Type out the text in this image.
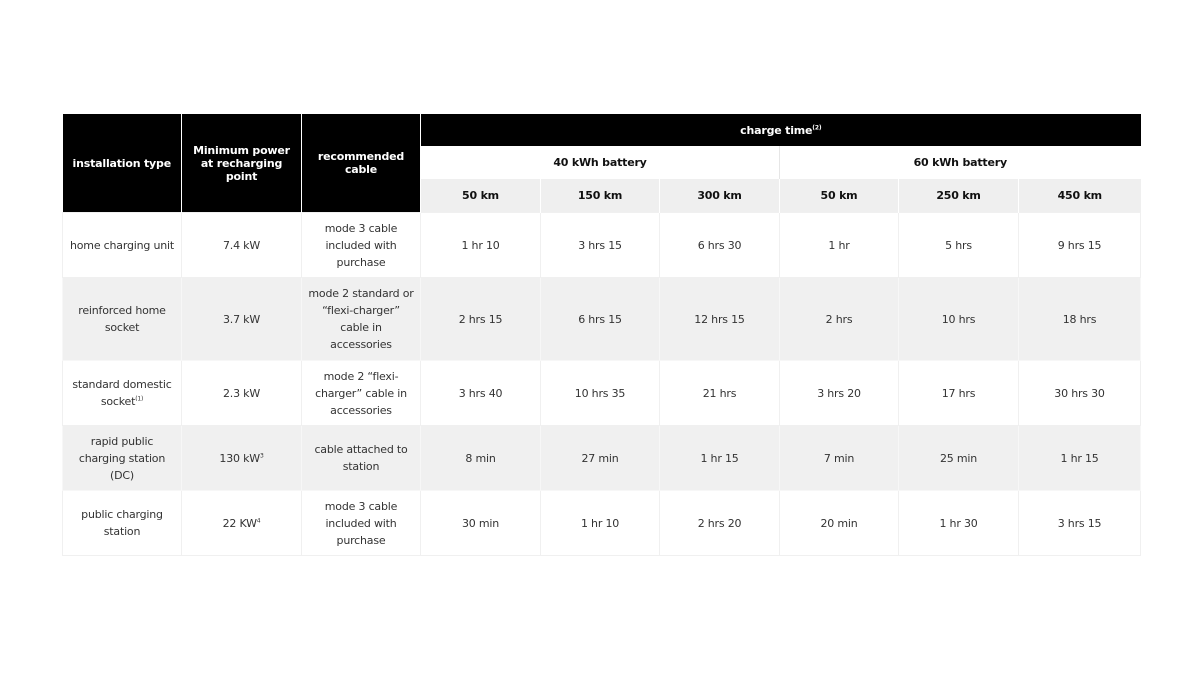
installation type	Minimum power at recharging point	recommended cable	charge time$^{(2)}$
			40 kWh battery			60 kWh battery		
			50 km	150 km	300 km	50 km	250 km	450 km
home charging unit	7.4 kW	mode 3 cable included with purchase	1 hr 10	3 hrs 15	6 hrs 30	1 hr	5 hrs	9 hrs 15
reinforced home socket	3.7 kW	mode 2 standard or “flexi-charger” cable in accessories	2 hrs 15	6 hrs 15	12 hrs 15	2 hrs	10 hrs	18 hrs
standard domestic socket$^{(1)}$	2.3 kW	mode 2 “flexi-charger” cable in accessories	3 hrs 40	10 hrs 35	21 hrs	3 hrs 20	17 hrs	30 hrs 30
rapid public charging station (DC)	130 $kW^3$	cable attached to station	8 min	27 min	1 hr 15	7 min	25 min	1 hr 15
public charging station	22 $KW^4$	mode 3 cable included with purchase	30 min	1 hr 10	2 hrs 20	20 min	1 hr 30	3 hrs 15
